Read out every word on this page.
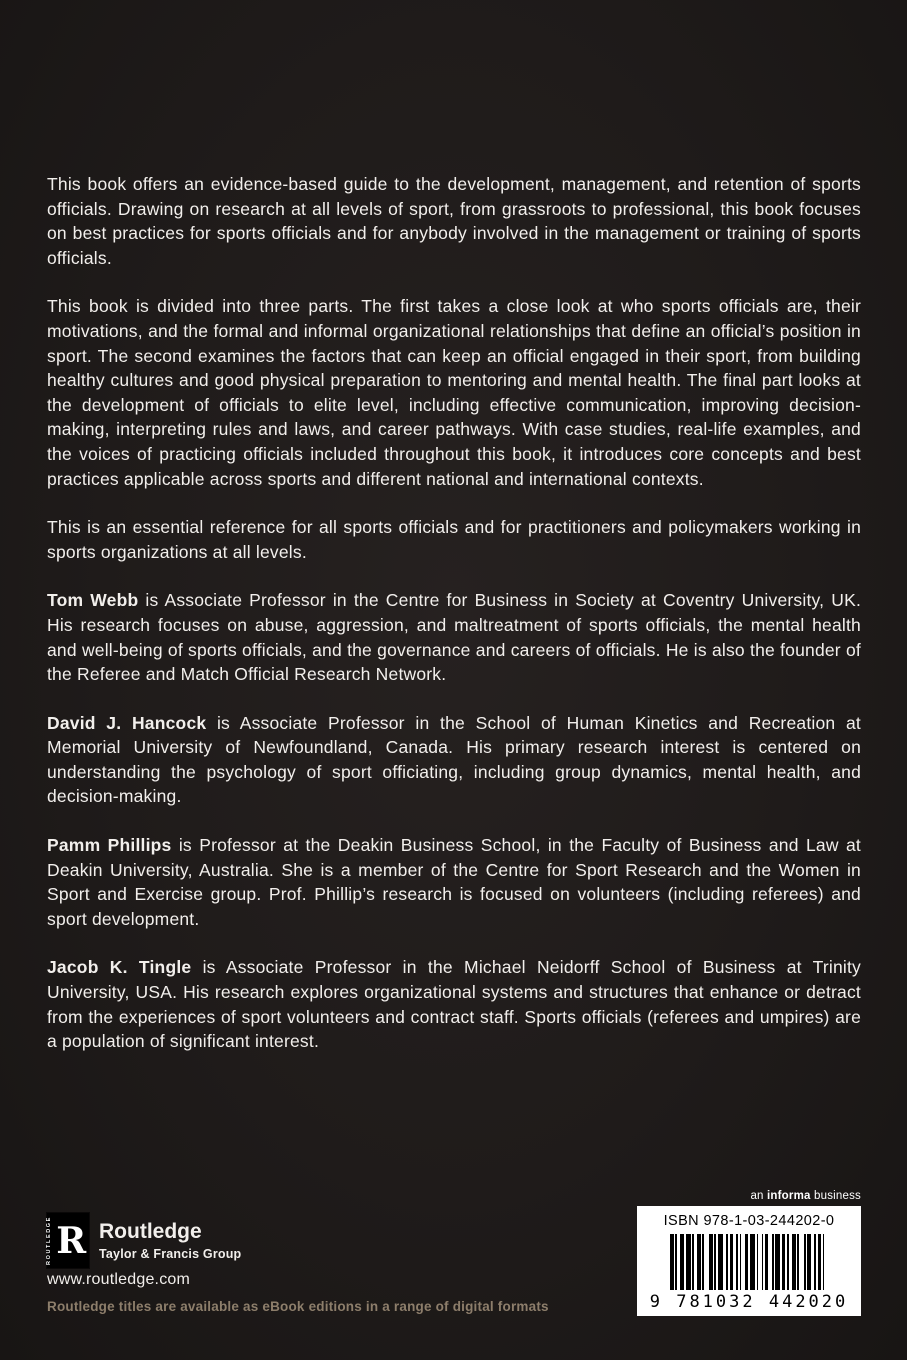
This book offers an evidence-based guide to the development, management, and retention of sports officials. Drawing on research at all levels of sport, from grassroots to professional, this book focuses on best practices for sports officials and for anybody involved in the management or training of sports officials.

This book is divided into three parts. The first takes a close look at who sports officials are, their motivations, and the formal and informal organizational relationships that define an official’s position in sport. The second examines the factors that can keep an official engaged in their sport, from building healthy cultures and good physical preparation to mentoring and mental health. The final part looks at the development of officials to elite level, including effective communication, improving decision-making, interpreting rules and laws, and career pathways. With case studies, real-life examples, and the voices of practicing officials included throughout this book, it introduces core concepts and best practices applicable across sports and different national and international contexts.

This is an essential reference for all sports officials and for practitioners and policymakers working in sports organizations at all levels.

Tom Webb is Associate Professor in the Centre for Business in Society at Coventry University, UK. His research focuses on abuse, aggression, and maltreatment of sports officials, the mental health and well-being of sports officials, and the governance and careers of officials. He is also the founder of the Referee and Match Official Research Network.

David J. Hancock is Associate Professor in the School of Human Kinetics and Recreation at Memorial University of Newfoundland, Canada. His primary research interest is centered on understanding the psychology of sport officiating, including group dynamics, mental health, and decision-making.

Pamm Phillips is Professor at the Deakin Business School, in the Faculty of Business and Law at Deakin University, Australia. She is a member of the Centre for Sport Research and the Women in Sport and Exercise group. Prof. Phillip’s research is focused on volunteers (including referees) and sport development.

Jacob K. Tingle is Associate Professor in the Michael Neidorff School of Business at Trinity University, USA. His research explores organizational systems and structures that enhance or detract from the experiences of sport volunteers and contract staff. Sports officials (referees and umpires) are a population of significant interest.

an informa business
ISBN 978-1-03-244202-0
9 781032 442020
ROUTLEDGE R Routledge
Taylor & Francis Group
www.routledge.com
Routledge titles are available as eBook editions in a range of digital formats
